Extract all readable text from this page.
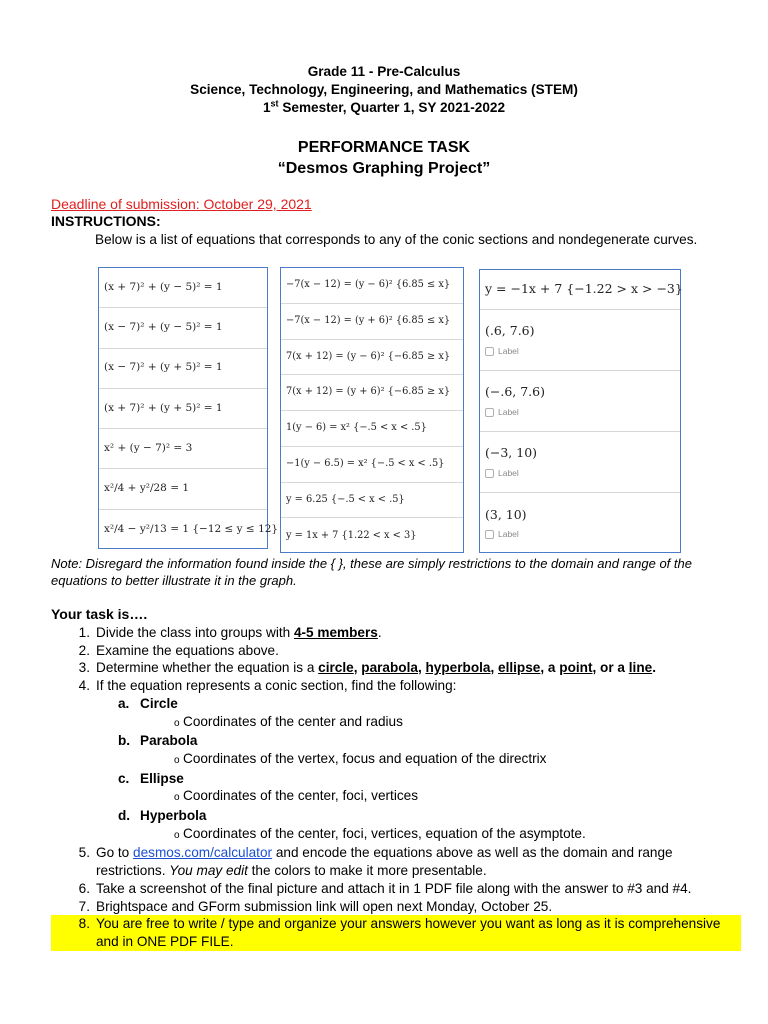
Grade 11 - Pre-Calculus
Science, Technology, Engineering, and Mathematics (STEM)
1st Semester, Quarter 1, SY 2021-2022
PERFORMANCE TASK
“Desmos Graphing Project”
Deadline of submission: October 29, 2021
INSTRUCTIONS:
Below is a list of equations that corresponds to any of the conic sections and nondegenerate curves.
(x + 7)² + (y − 5)² = 1
(x − 7)² + (y − 5)² = 1
(x − 7)² + (y + 5)² = 1
(x + 7)² + (y + 5)² = 1
x² + (y − 7)² = 3
x²/4 + y²/28 = 1
x²/4 − y²/13 = 1 {−12 ≤ y ≤ 12}
−7(x − 12) = (y − 6)² {6.85 ≤ x}
−7(x − 12) = (y + 6)² {6.85 ≤ x}
7(x + 12) = (y − 6)² {−6.85 ≥ x}
7(x + 12) = (y + 6)² {−6.85 ≥ x}
1(y − 6) = x² {−.5 < x < .5}
−1(y − 6.5) = x² {−.5 < x < .5}
y = 6.25 {−.5 < x < .5}
y = 1x + 7 {1.22 < x < 3}
y = −1x + 7 {−1.22 > x > −3}
(.6, 7.6)
Label
(−.6, 7.6)
Label
(−3, 10)
Label
(3, 10)
Label
Note: Disregard the information found inside the { }, these are simply restrictions to the domain and range of the equations to better illustrate it in the graph.
Your task is….
1. Divide the class into groups with 4-5 members.
2. Examine the equations above.
3. Determine whether the equation is a circle, parabola, hyperbola, ellipse, a point, or a line.
4. If the equation represents a conic section, find the following:
a. Circle
o Coordinates of the center and radius
b. Parabola
o Coordinates of the vertex, focus and equation of the directrix
c. Ellipse
o Coordinates of the center, foci, vertices
d. Hyperbola
o Coordinates of the center, foci, vertices, equation of the asymptote.
5. Go to desmos.com/calculator and encode the equations above as well as the domain and range restrictions. You may edit the colors to make it more presentable.
6. Take a screenshot of the final picture and attach it in 1 PDF file along with the answer to #3 and #4.
7. Brightspace and GForm submission link will open next Monday, October 25.
8. You are free to write / type and organize your answers however you want as long as it is comprehensive and in ONE PDF FILE.
